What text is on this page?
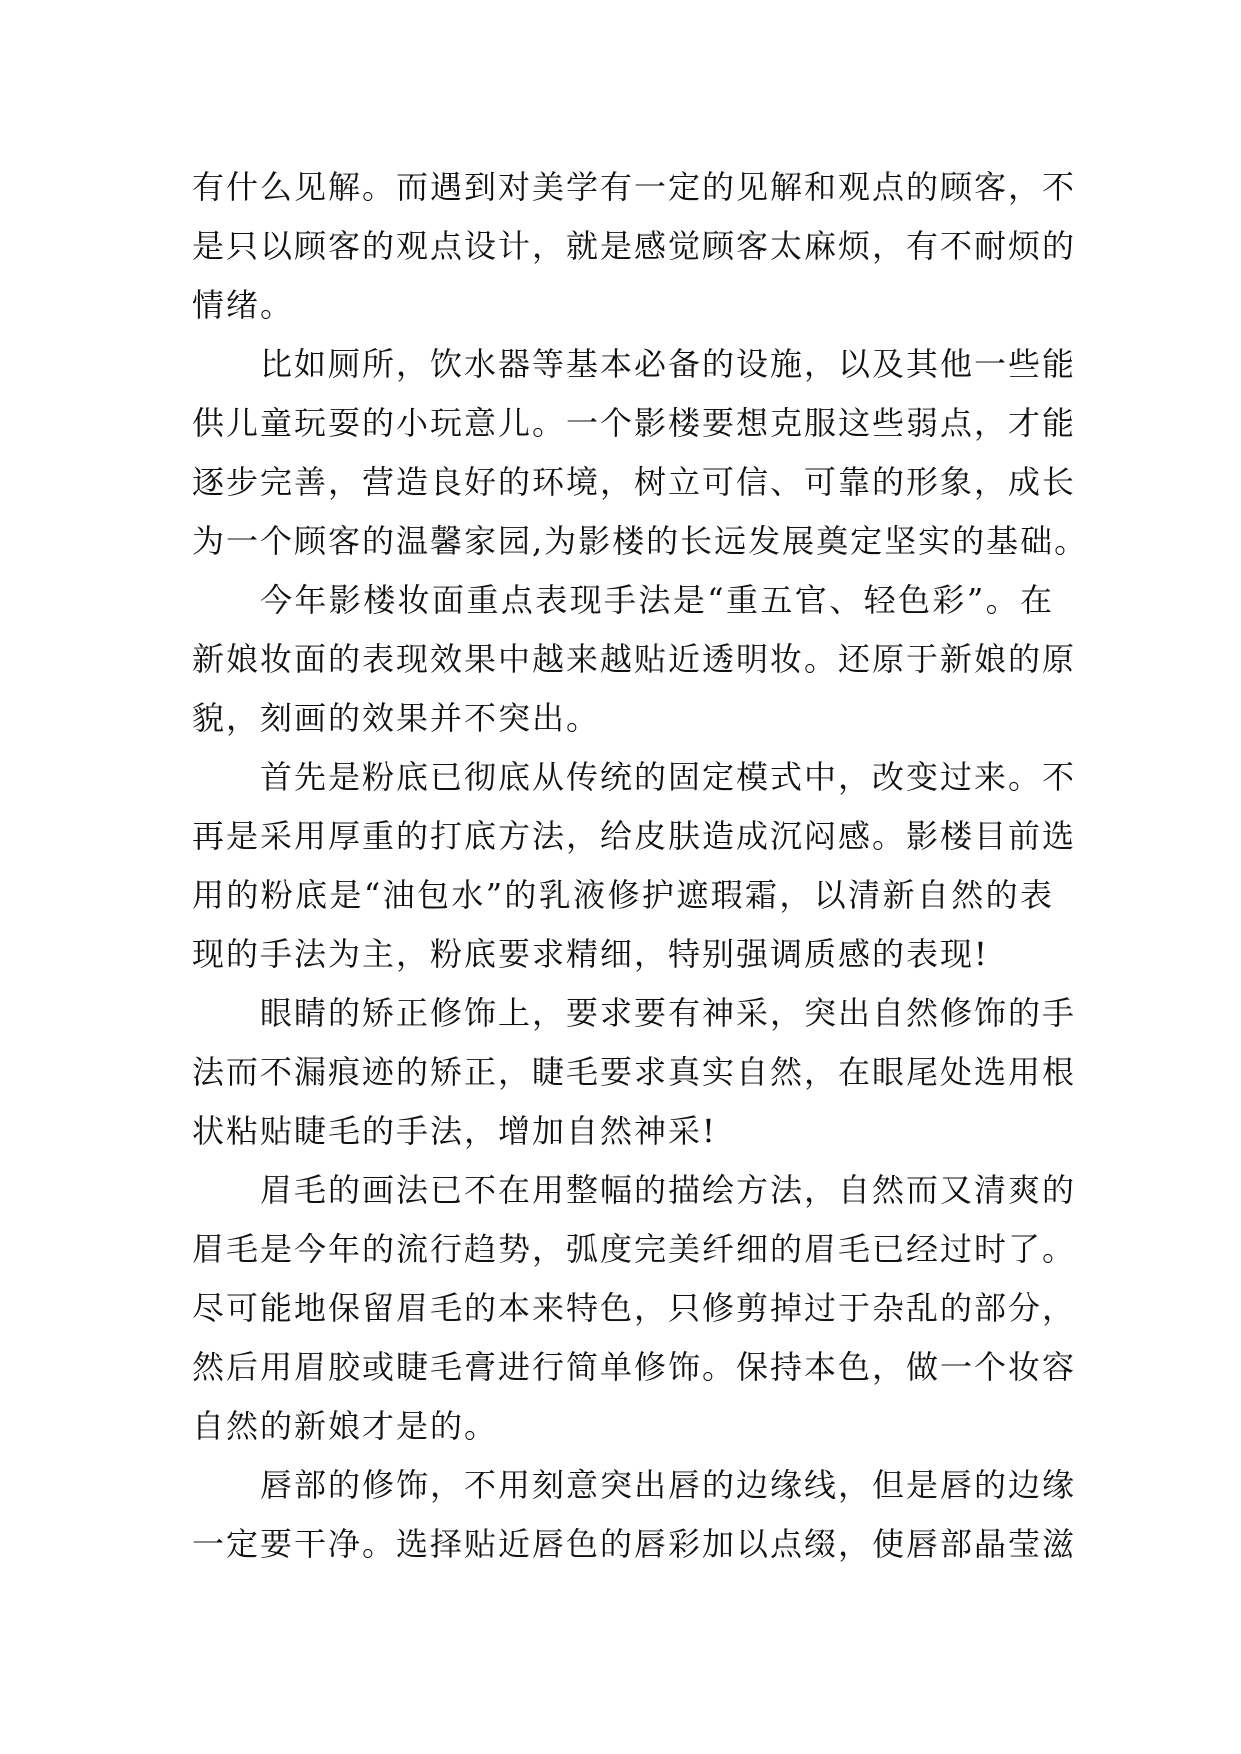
有什么见解。而遇到对美学有一定的见解和观点的顾客，不
是只以顾客的观点设计，就是感觉顾客太麻烦，有不耐烦的
情绪。
比如厕所，饮水器等基本必备的设施，以及其他一些能
供儿童玩耍的小玩意儿。一个影楼要想克服这些弱点，才能
逐步完善，营造良好的环境，树立可信、可靠的形象，成长
为一个顾客的温馨家园,为影楼的长远发展奠定坚实的基础。
今年影楼妆面重点表现手法是“重五官、轻色彩”。在
新娘妆面的表现效果中越来越贴近透明妆。还原于新娘的原
貌，刻画的效果并不突出。
首先是粉底已彻底从传统的固定模式中，改变过来。不
再是采用厚重的打底方法，给皮肤造成沉闷感。影楼目前选
用的粉底是“油包水”的乳液修护遮瑕霜，以清新自然的表
现的手法为主，粉底要求精细，特别强调质感的表现!
眼睛的矫正修饰上，要求要有神采，突出自然修饰的手
法而不漏痕迹的矫正，睫毛要求真实自然，在眼尾处选用根
状粘贴睫毛的手法，增加自然神采!
眉毛的画法已不在用整幅的描绘方法，自然而又清爽的
眉毛是今年的流行趋势，弧度完美纤细的眉毛已经过时了。
尽可能地保留眉毛的本来特色，只修剪掉过于杂乱的部分，
然后用眉胶或睫毛膏进行简单修饰。保持本色，做一个妆容
自然的新娘才是的。
唇部的修饰，不用刻意突出唇的边缘线，但是唇的边缘
一定要干净。选择贴近唇色的唇彩加以点缀，使唇部晶莹滋
